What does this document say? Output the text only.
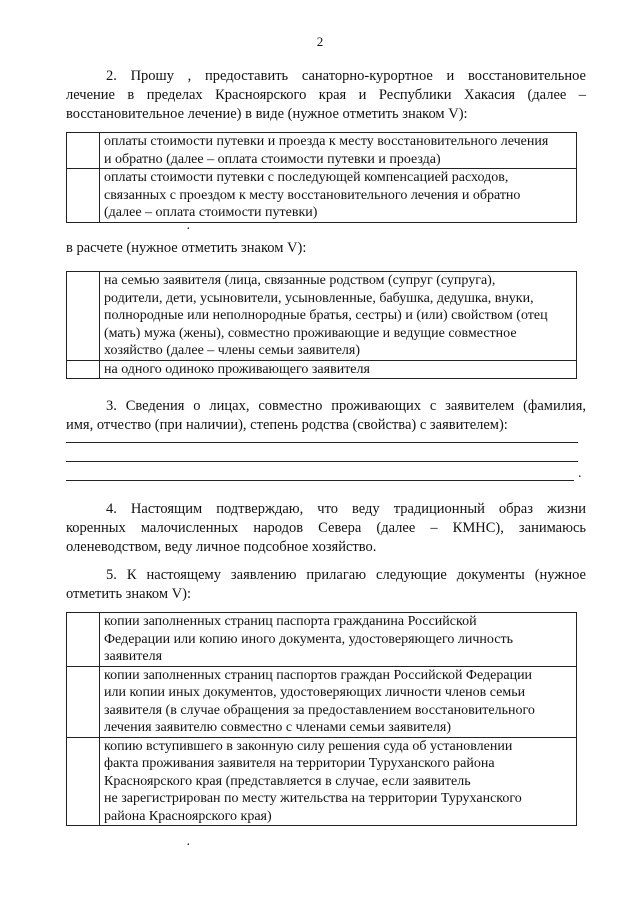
2
2. Прошу , предоставить санаторно-курортное и восстановительное
лечение в пределах Красноярского края и Республики Хакасия (далее –
восстановительное лечение) в виде (нужное отметить знаком V):

	оплаты стоимости путевки и проезда к месту восстановительного лечения
и обратно (далее – оплата стоимости путевки и проезда)

	оплаты стоимости путевки с последующей компенсацией расходов,
связанных с проездом к месту восстановительного лечения и обратно
(далее – оплата стоимости путевки)
·
в расчете (нужное отметить знаком V):

	на семью заявителя (лица, связанные родством (супруг (супруга),
родители, дети, усыновители, усыновленные, бабушка, дедушка, внуки,
полнородные или неполнородные братья, сестры) и (или) свойством (отец
(мать) мужа (жены), совместно проживающие и ведущие совместное
хозяйство (далее – члены семьи заявителя)

	на одного одиноко проживающего заявителя
3. Сведения о лицах, совместно проживающих с заявителем (фамилия,
имя, отчество (при наличии), степень родства (свойства) с заявителем):
.
4. Настоящим подтверждаю, что веду традиционный образ жизни
коренных малочисленных народов Севера (далее – КМНС), занимаюсь
оленеводством, веду личное подсобное хозяйство.
5. К настоящему заявлению прилагаю следующие документы (нужное
отметить знаком V):

	копии заполненных страниц паспорта гражданина Российской
Федерации или копию иного документа, удостоверяющего личность
заявителя

	копии заполненных страниц паспортов граждан Российской Федерации
или копии иных документов, удостоверяющих личности членов семьи
заявителя (в случае обращения за предоставлением восстановительного
лечения заявителю совместно с членами семьи заявителя)

	копию вступившего в законную силу решения суда об установлении
факта проживания заявителя на территории Туруханского района
Красноярского края (представляется в случае, если заявитель
не зарегистрирован по месту жительства на территории Туруханского
района Красноярского края)
·
